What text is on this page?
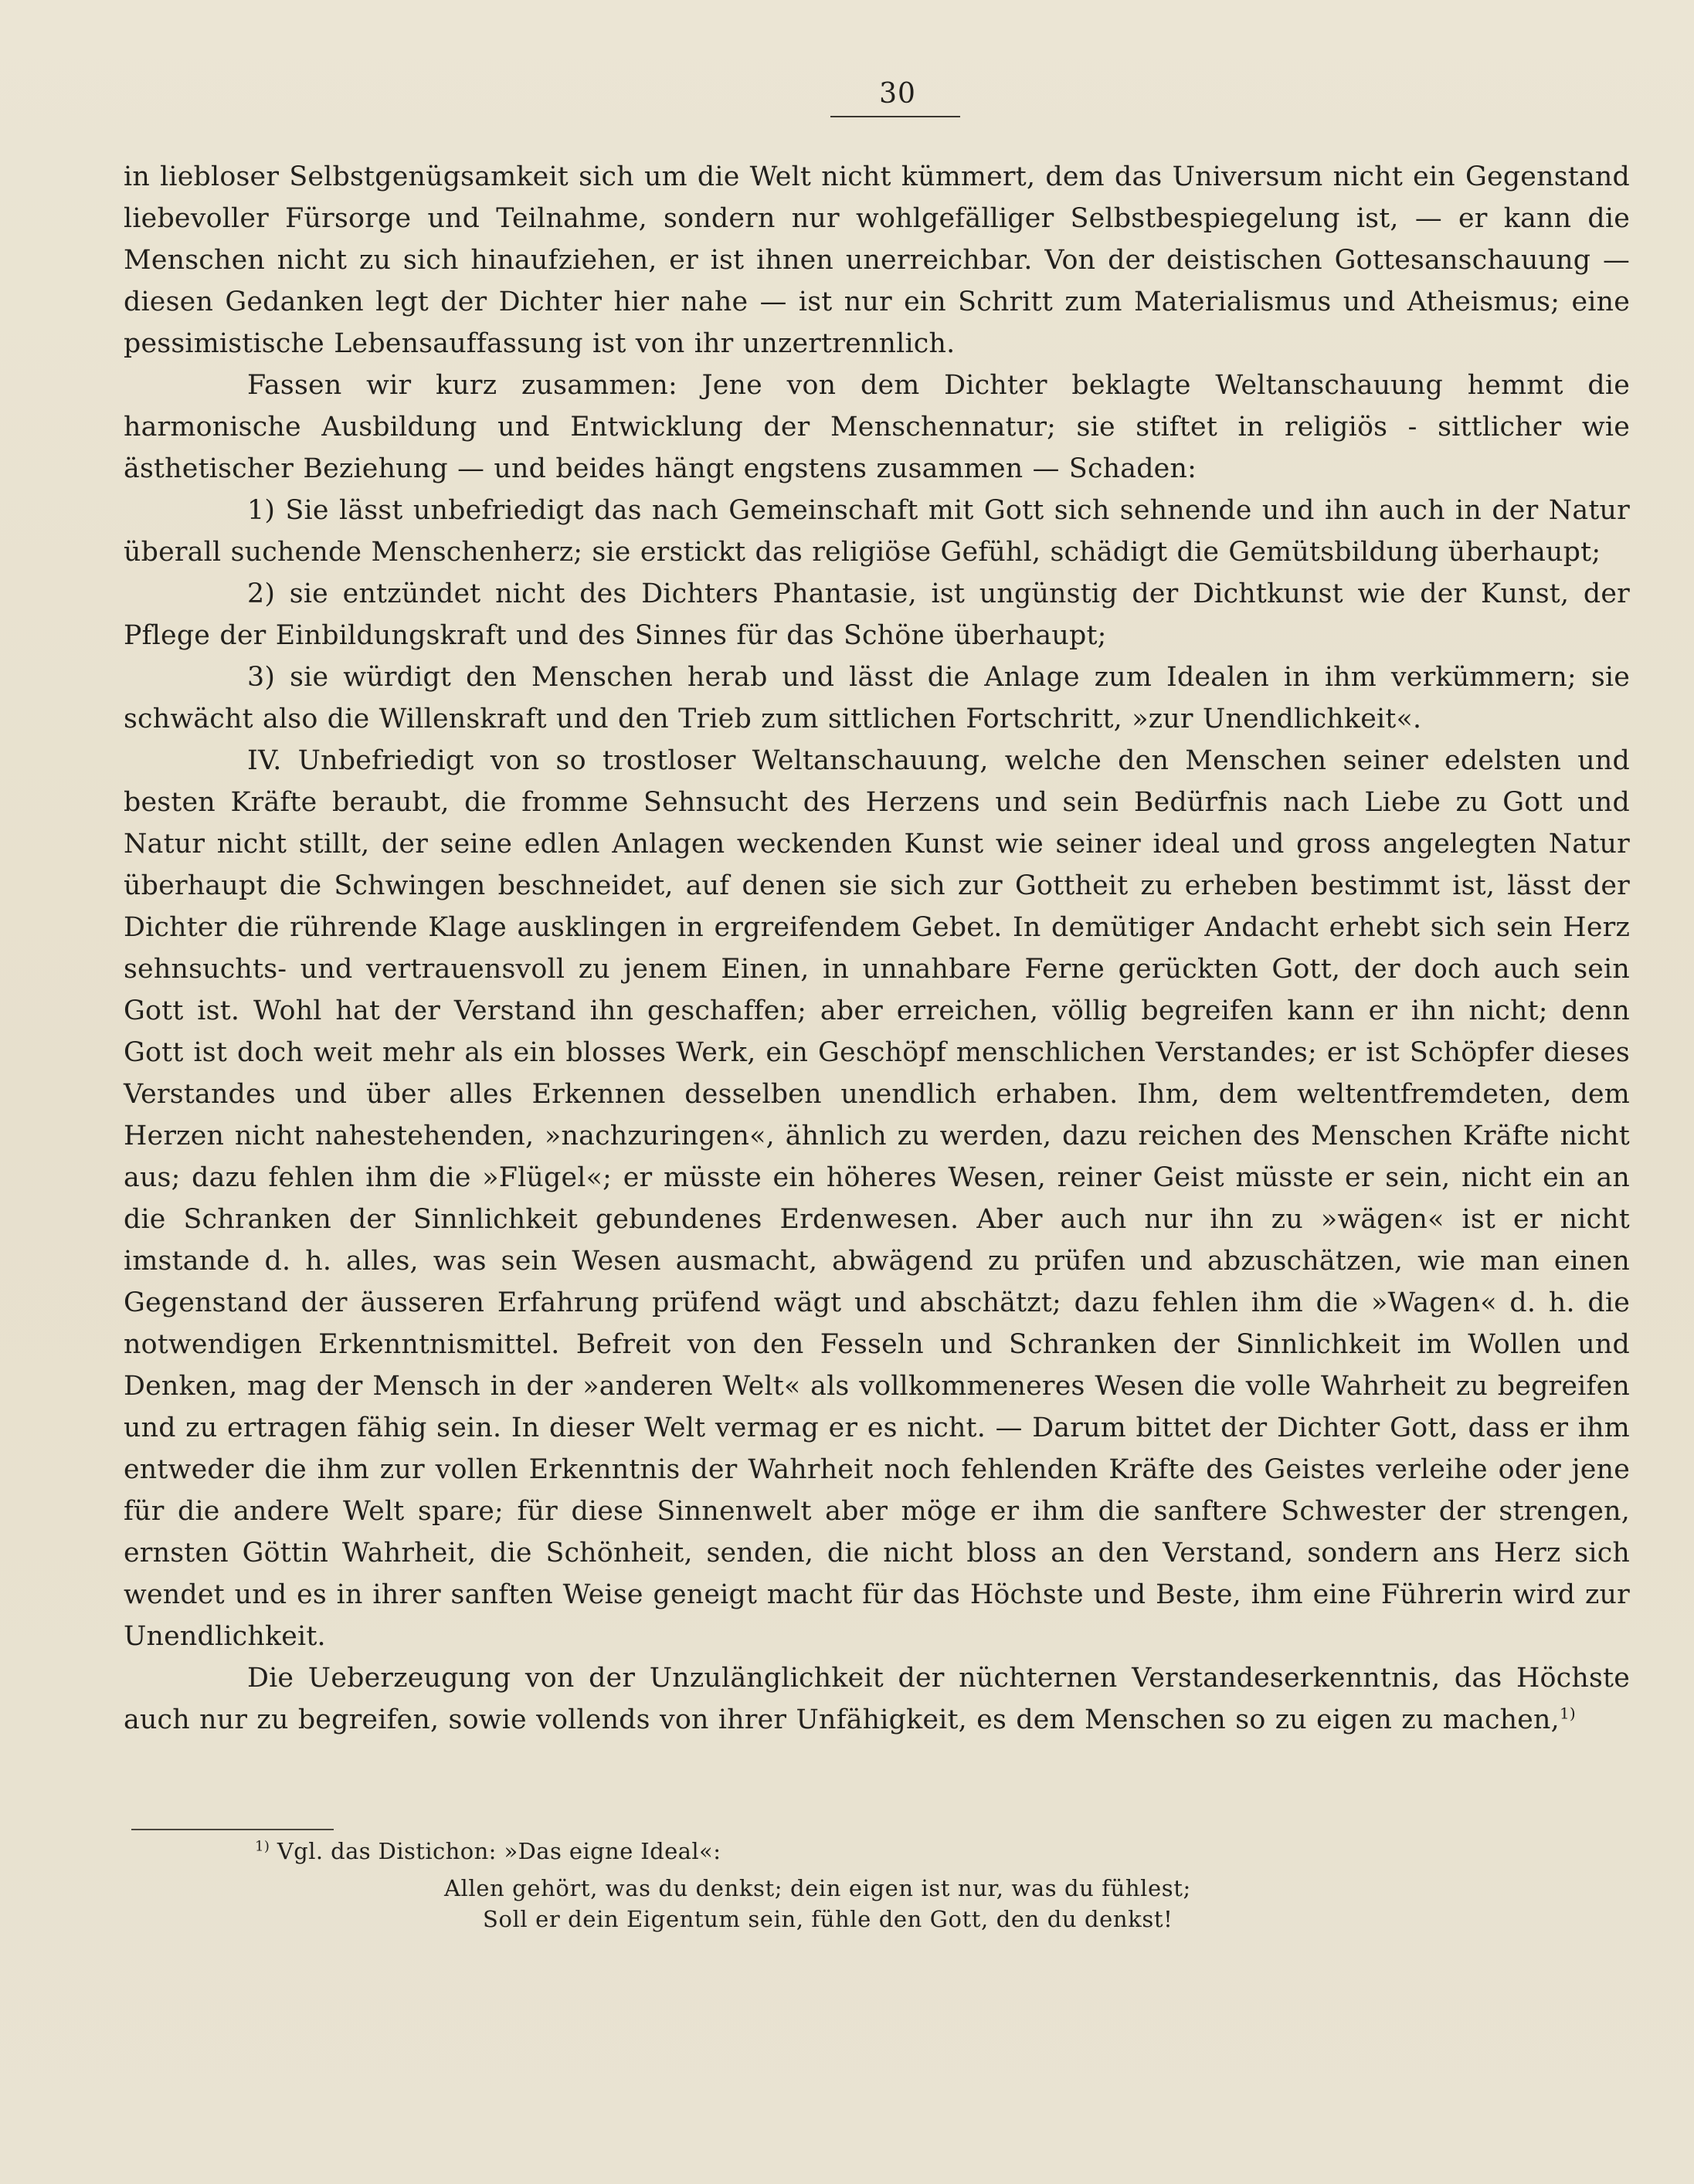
30

in liebloser Selbstgenügsamkeit sich um die Welt nicht kümmert, dem das Universum nicht ein Gegenstand liebevoller Fürsorge und Teilnahme, sondern nur wohlgefälliger Selbstbespiegelung ist, — er kann die Menschen nicht zu sich hinaufziehen, er ist ihnen unerreichbar. Von der deistischen Gottesanschauung — diesen Gedanken legt der Dichter hier nahe — ist nur ein Schritt zum Materialismus und Atheismus; eine pessimistische Lebensauffassung ist von ihr unzertrennlich.

Fassen wir kurz zusammen: Jene von dem Dichter beklagte Weltanschauung hemmt die harmonische Ausbildung und Entwicklung der Menschennatur; sie stiftet in religiös - sittlicher wie ästhetischer Beziehung — und beides hängt engstens zusammen — Schaden:

1) Sie lässt unbefriedigt das nach Gemeinschaft mit Gott sich sehnende und ihn auch in der Natur überall suchende Menschenherz; sie erstickt das religiöse Gefühl, schädigt die Gemütsbildung überhaupt;

2) sie entzündet nicht des Dichters Phantasie, ist ungünstig der Dichtkunst wie der Kunst, der Pflege der Einbildungskraft und des Sinnes für das Schöne überhaupt;

3) sie würdigt den Menschen herab und lässt die Anlage zum Idealen in ihm verkümmern; sie schwächt also die Willenskraft und den Trieb zum sittlichen Fortschritt, »zur Unendlichkeit«.

IV. Unbefriedigt von so trostloser Weltanschauung, welche den Menschen seiner edelsten und besten Kräfte beraubt, die fromme Sehnsucht des Herzens und sein Bedürfnis nach Liebe zu Gott und Natur nicht stillt, der seine edlen Anlagen weckenden Kunst wie seiner ideal und gross angelegten Natur überhaupt die Schwingen beschneidet, auf denen sie sich zur Gottheit zu erheben bestimmt ist, lässt der Dichter die rührende Klage ausklingen in ergreifendem Gebet. In demütiger Andacht erhebt sich sein Herz sehnsuchts- und vertrauensvoll zu jenem Einen, in unnahbare Ferne gerückten Gott, der doch auch sein Gott ist. Wohl hat der Verstand ihn geschaffen; aber erreichen, völlig begreifen kann er ihn nicht; denn Gott ist doch weit mehr als ein blosses Werk, ein Geschöpf menschlichen Verstandes; er ist Schöpfer dieses Verstandes und über alles Erkennen desselben unendlich erhaben. Ihm, dem weltentfremdeten, dem Herzen nicht nahestehenden, »nachzuringen«, ähnlich zu werden, dazu reichen des Menschen Kräfte nicht aus; dazu fehlen ihm die »Flügel«; er müsste ein höheres Wesen, reiner Geist müsste er sein, nicht ein an die Schranken der Sinnlichkeit gebundenes Erdenwesen. Aber auch nur ihn zu »wägen« ist er nicht imstande d. h. alles, was sein Wesen ausmacht, abwägend zu prüfen und abzuschätzen, wie man einen Gegenstand der äusseren Erfahrung prüfend wägt und abschätzt; dazu fehlen ihm die »Wagen« d. h. die notwendigen Erkenntnismittel. Befreit von den Fesseln und Schranken der Sinnlichkeit im Wollen und Denken, mag der Mensch in der »anderen Welt« als vollkommeneres Wesen die volle Wahrheit zu begreifen und zu ertragen fähig sein. In dieser Welt vermag er es nicht. — Darum bittet der Dichter Gott, dass er ihm entweder die ihm zur vollen Erkenntnis der Wahrheit noch fehlenden Kräfte des Geistes verleihe oder jene für die andere Welt spare; für diese Sinnenwelt aber möge er ihm die sanftere Schwester der strengen, ernsten Göttin Wahrheit, die Schönheit, senden, die nicht bloss an den Verstand, sondern ans Herz sich wendet und es in ihrer sanften Weise geneigt macht für das Höchste und Beste, ihm eine Führerin wird zur Unendlichkeit.

Die Ueberzeugung von der Unzulänglichkeit der nüchternen Verstandeserkenntnis, das Höchste auch nur zu begreifen, sowie vollends von ihrer Unfähigkeit, es dem Menschen so zu eigen zu machen,$^{1)}$

$^{1)}$ Vgl. das Distichon: »Das eigne Ideal«:
Allen gehört, was du denkst; dein eigen ist nur, was du fühlest;
Soll er dein Eigentum sein, fühle den Gott, den du denkst!
